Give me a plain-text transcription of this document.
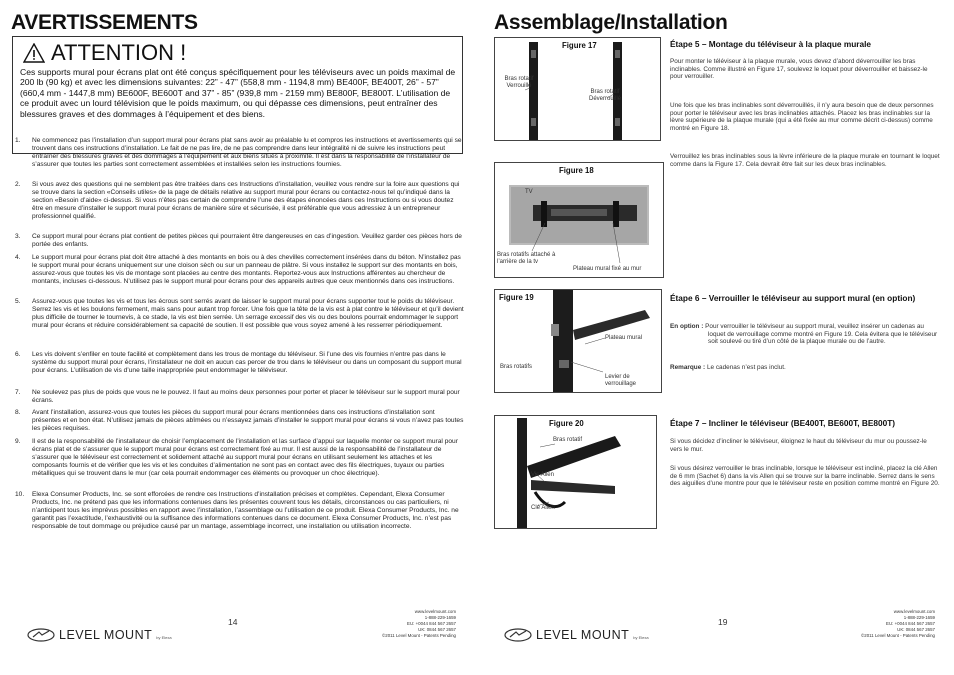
AVERTISSEMENTS
ATTENTION !
Ces supports mural pour écrans plat ont été conçus spécifiquement pour les téléviseurs avec un poids maximal de 200 lb (90 kg) et avec les dimensions suivantes: 22” - 47” (558,8 mm - 1194,8 mm) BE400F, BE400T, 26” - 57” (660,4 mm - 1447,8 mm) BE600F, BE600T and 37” - 85” (939,8 mm - 2159 mm) BE800F, BE800T. L’utilisation de ce produit avec un lourd télévision que le poids maximum, ou qui dépasse ces dimensions, peut entraîner des blessures graves et des dommages à l’équipement et des biens.
1. Ne commencez pas l’installation d’un support mural pour écrans plat sans avoir au préalable lu et compros les instructions et avertissements qui se trouvent dans ces instructions d’installation. Le fait de ne pas lire, de ne pas comprendre dans leur intégralité ni de suivre les instructions peut entraîner des blessures graves et des dommages à l’équipement et aux biens situés à proximité. Il est dans la responsabilité de l’installateur de s’assurer que toutes les parties sont correctement assemblées et installées selon les instructions fournies.
2. Si vous avez des questions qui ne semblent pas être traitées dans ces Instructions d’installation, veuillez vous rendre sur la foire aux questions qui se trouve dans la section «Conseils utiles» de la page de détails relative au support mural pour écrans ou contactez-nous tel qu’indiqué dans la section «Besoin d’aide» ci-dessus. Si vous n’êtes pas certain de comprendre l’une des étapes énoncées dans ces Instructions ou si vous doutez être en mesure d’installer le support mural pour écrans de manière sûre et sécurisée, il est préférable que vous adressiez à un entrepreneur professionnel qualifié.
3. Ce support mural pour écrans plat contient de petites pièces qui pourraient être dangereuses en cas d’ingestion. Veuillez garder ces pièces hors de portée des enfants.
4. Le support mural pour écrans plat doit être attaché à des montants en bois ou à des chevilles correctement insérées dans du béton. N’installez pas le support mural pour écrans uniquement sur une cloison sèch ou sur un panneau de plâtre. Si vous installez le support sur des montants en bois, assurez-vous que toutes les vis de montage sont placées au centre des montants. Reportez-vous aux Instructions afférentes au chercheur de montants, incluses ci-dessous. N’utilisez pas le support mural pour écrans pour des appareils autres que ceux mentionnés dans ces instructions.
5. Assurez-vous que toutes les vis et tous les écrous sont serrés avant de laisser le support mural pour écrans supporter tout le poids du téléviseur. Serrez les vis et les boulons fermement, mais sans pour autant trop forcer. Une fois que la tête de la vis est à plat contre le téléviseur et qu’il devient plus difficile de tourner le tournevis, à ce stade, la vis est bien serrée. Un serrage excessif des vis ou des boulons pourrait endommager le support mural pour écrans et réduire considérablement sa capacité de soutien. Il est possible que vous soyez amené à les resserrer périodiquement.
6. Les vis doivent s’enfiler en toute facilité et complètement dans les trous de montage du téléviseur. Si l’une des vis fournies n’entre pas dans le système du support mural pour écrans, l’installateur ne doit en aucun cas percer de trou dans le téléviseur ou dans un composant du support mural pour écrans. L’utilisation de vis d’une taille inappropriée peut endommager le téléviseur.
7. Ne soulevez pas plus de poids que vous ne le pouvez. Il faut au moins deux personnes pour porter et placer le téléviseur sur le support mural pour écrans.
8. Avant l’installation, assurez-vous que toutes les pièces du support mural pour écrans mentionnées dans ces instructions d’installation sont présentes et en bon état. N’utilisez jamais de pièces abîmées ou n’essayez jamais d’installer le support mural pour écrans si vous n’avez pas toutes les pièces requises.
9. Il est de la responsabilité de l’installateur de choisir l’emplacement de l’installation et las surface d’appui sur laquelle monter ce support mural pour écrans plat et de s’assurer que le support mural pour écrans est correctement fixé au mur. Il est aussi de la responsabilité de l’installateur de s’assurer que le téléviseur est correctement et solidement attaché au support mural pour écrans en utilisant seulement les attaches et les composants fournis et de vérifier que les vis et les conduites d’alimentation ne sont pas en contact avec des fils électriques, tuyaux ou parties métalliques qui se trouvent dans le mur (car cela pourrait endommager ces éléments ou provoquer un choc électrique).
10. Elexa Consumer Products, Inc. se sont efforcées de rendre ces Instructions d’installation précises et complètes. Cependant, Elexa Consumer Products, Inc. ne prétend pas que les informations contenues dans les présentes couvrent tous les détails, circonstances ou cas particuliers, ni n’anticipent tous les imprévus possibles en rapport avec l’installation, l’assemblage ou l’utilisation de ce produit. Elexa Consumer Products, Inc. ne garantit pas l’exactitude, l’exhaustivité ou la suffisance des informations contenues dans ce document. Elexa Consumer Products, Inc. n’est pas responsable de tout dommage ou préjudice causé par un mantage, assemblage incorrect, une installation ou utilisation incorrecte.
LEVEL MOUNT by Elexa
14
www.levelmount.com
1-888-229-1659
EU: +0044 844 567 2657
UK: 0844 567 2657
©2011 Level Mount - Patents Pending
Assemblage/Installation
Figure 17
Bras rotatif Verrouillé
Bras rotatif Déverrouillé
Figure 18
TV
Bras rotatifs attaché à l’arrière de la tv
Plateau mural fixé au mur
Figure 19
Plateau mural
Bras rotatifs
Levier de verrouillage
Figure 20
Bras rotatif
Vis Allen
Clé Allen
Étape 5 – Montage du téléviseur à la plaque murale
Pour monter le téléviseur à la plaque murale, vous devez d’abord déverrouiller les bras inclinables. Comme illustré en Figure 17, soulevez le loquet pour déverrouiller et baissez-le pour verrouiller.
Une fois que les bras inclinables sont déverrouillés, il n’y aura besoin que de deux personnes pour porter le téléviseur avec les bras inclinables attachés. Placez les bras inclinables sur la lèvre supérieure de la plaque murale (qui a été fixée au mur comme décrit ci-dessus) comme montré en Figure 18.
Verrouillez les bras inclinables sous la lèvre inférieure de la plaque murale en tournant le loquet comme dans la Figure 17. Cela devrait être fait sur les deux bras inclinables.
Étape 6 – Verrouiller le téléviseur au support mural (en option)
En option : Pour verrouiller le téléviseur au support mural, veuillez insérer un cadenas au loquet de verrouillage comme montré en Figure 19. Cela évitera que le téléviseur soit soulevé ou tiré d’un côté de la plaque murale ou de l’autre.
Remarque : Le cadenas n’est pas inclut.
Étape 7 – Incliner le téléviseur (BE400T, BE600T, BE800T)
Si vous décidez d’incliner le téléviseur, éloignez le haut du téléviseur du mur ou poussez-le vers le mur.
Si vous désirez verrouiller le bras inclinable, lorsque le téléviseur est incliné, placez la clé Allen de 6 mm (Sachet 6) dans la vis Allen qui se trouve sur la barre inclinable. Serrez dans le sens des aiguilles d’une montre pour que le téléviseur reste en position comme montré en Figure 20.
LEVEL MOUNT by Elexa
19
www.levelmount.com
1-888-229-1659
EU: +0044 844 567 2657
UK: 0844 567 2657
©2011 Level Mount - Patents Pending
